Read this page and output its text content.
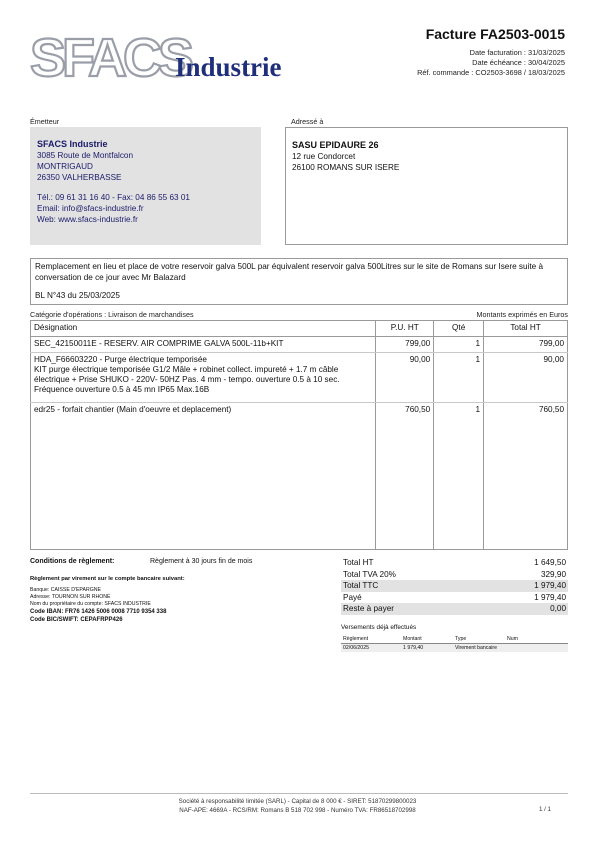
SFACS
Industrie
Facture FA2503-0015
Date facturation : 31/03/2025
Date échéance : 30/04/2025
Réf. commande : CO2503-3698 / 18/03/2025
Émetteur
SFACS Industrie
3085 Route de Montfalcon
MONTRIGAUD
26350 VALHERBASSE
Tél.: 09 61 31 16 40 - Fax: 04 86 55 63 01
Email: info@sfacs-industrie.fr
Web: www.sfacs-industrie.fr
Adressé à
SASU EPIDAURE 26
12 rue Condorcet
26100 ROMANS SUR ISERE
Remplacement en lieu et place de votre reservoir galva 500L par équivalent reservoir galva 500Litres sur le site de Romans sur Isere suite à conversation de ce jour avec Mr Balazard
BL N°43 du 25/03/2025
Catégorie d'opérations : Livraison de marchandises	Montants exprimés en Euros
Désignation	P.U. HT	Qté	Total HT
SEC_42150011E - RESERV. AIR COMPRIME GALVA 500L-11b+KIT	799,00	1	799,00

HDA_F66603220 - Purge électrique temporisée
KIT purge électrique temporisée G1/2 Mâle + robinet collect. impureté + 1.7 m câble électrique + Prise SHUKO - 220V- 50HZ Pas. 4 mm - tempo. ouverture 0.5 à 10 sec. Fréquence ouverture 0.5 à 45 mn IP65 Max.16B	90,00	1	90,00
edr25 - forfait chantier (Main d'oeuvre et deplacement)	760,50	1	760,50
Conditions de règlement:	Règlement à 30 jours fin de mois
Règlement par virement sur le compte bancaire suivant:
Banque: CAISSE D'EPARGNE
Adresse: TOURNON SUR RHONE
Nom du propriétaire du compte: SFACS INDUSTRIE
Code IBAN: FR76 1426 5006 0008 7710 9354 338
Code BIC/SWIFT: CEPAFRPP426
Total HT	1 649,50
Total TVA 20%	329,90
Total TTC	1 979,40
Payé	1 979,40
Reste à payer	0,00
Versements déjà effectués
Règlement	Montant	Type	Num
02/06/2025	1 979,40	Virement bancaire	
Société à responsabilité limitée (SARL) - Capital de 8 000 € - SIRET: 51870299800023
NAF-APE: 4669A - RCS/RM: Romans B 518 702 998 - Numéro TVA: FR86518702998	1 / 1
